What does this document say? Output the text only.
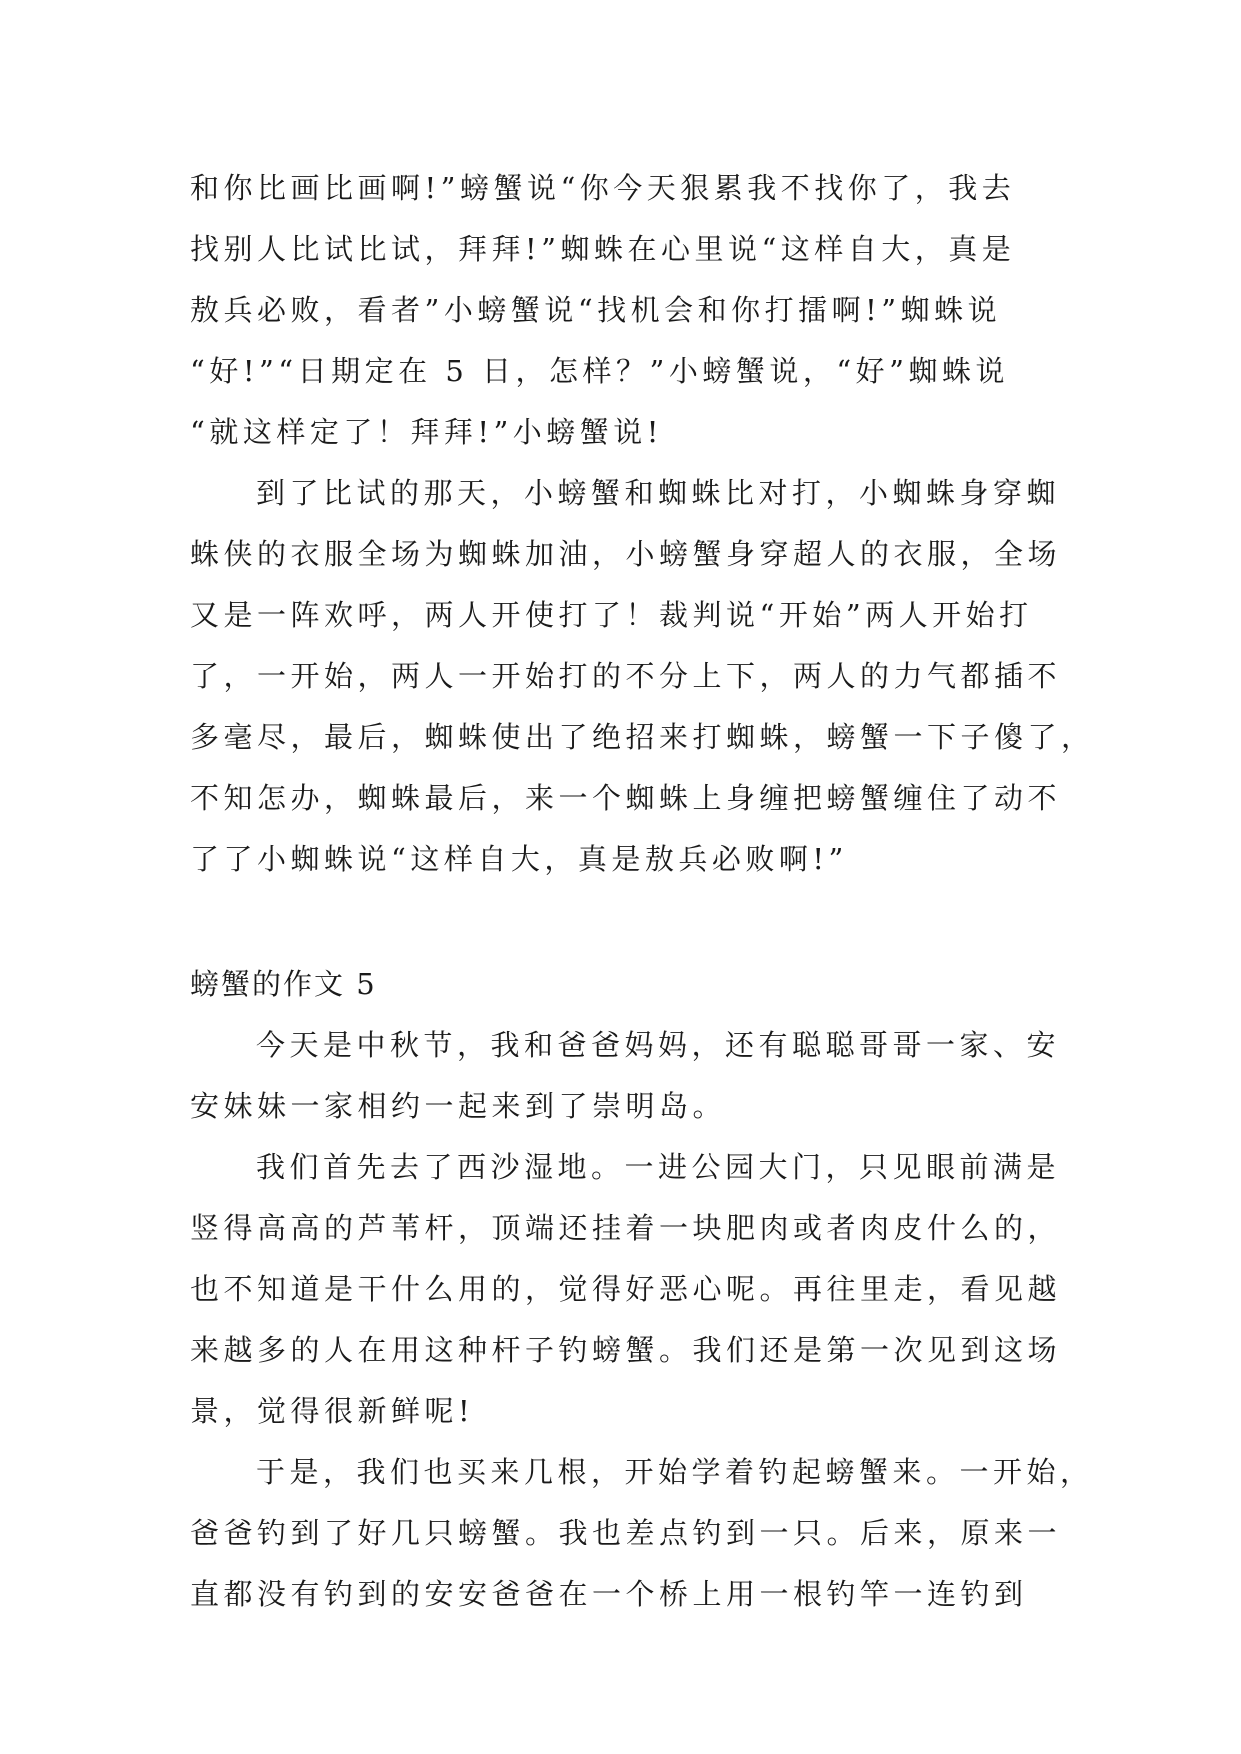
和你比画比画啊!”螃蟹说“你今天狠累我不找你了，我去
找别人比试比试，拜拜!”蜘蛛在心里说“这样自大，真是
敖兵必败，看者”小螃蟹说“找机会和你打擂啊!”蜘蛛说
“好!”“日期定在 5 日，怎样？”小螃蟹说，“好”蜘蛛说
“就这样定了！拜拜!”小螃蟹说!
到了比试的那天，小螃蟹和蜘蛛比对打，小蜘蛛身穿蜘
蛛侠的衣服全场为蜘蛛加油，小螃蟹身穿超人的衣服，全场
又是一阵欢呼，两人开使打了！裁判说“开始”两人开始打
了，一开始，两人一开始打的不分上下，两人的力气都插不
多毫尽，最后，蜘蛛使出了绝招来打蜘蛛，螃蟹一下子傻了，
不知怎办，蜘蛛最后，来一个蜘蛛上身缠把螃蟹缠住了动不
了了小蜘蛛说“这样自大，真是敖兵必败啊!”
螃蟹的作文 5
今天是中秋节，我和爸爸妈妈，还有聪聪哥哥一家、安
安妹妹一家相约一起来到了崇明岛。
我们首先去了西沙湿地。一进公园大门，只见眼前满是
竖得高高的芦苇杆，顶端还挂着一块肥肉或者肉皮什么的，
也不知道是干什么用的，觉得好恶心呢。再往里走，看见越
来越多的人在用这种杆子钓螃蟹。我们还是第一次见到这场
景，觉得很新鲜呢!
于是，我们也买来几根，开始学着钓起螃蟹来。一开始，
爸爸钓到了好几只螃蟹。我也差点钓到一只。后来，原来一
直都没有钓到的安安爸爸在一个桥上用一根钓竿一连钓到
